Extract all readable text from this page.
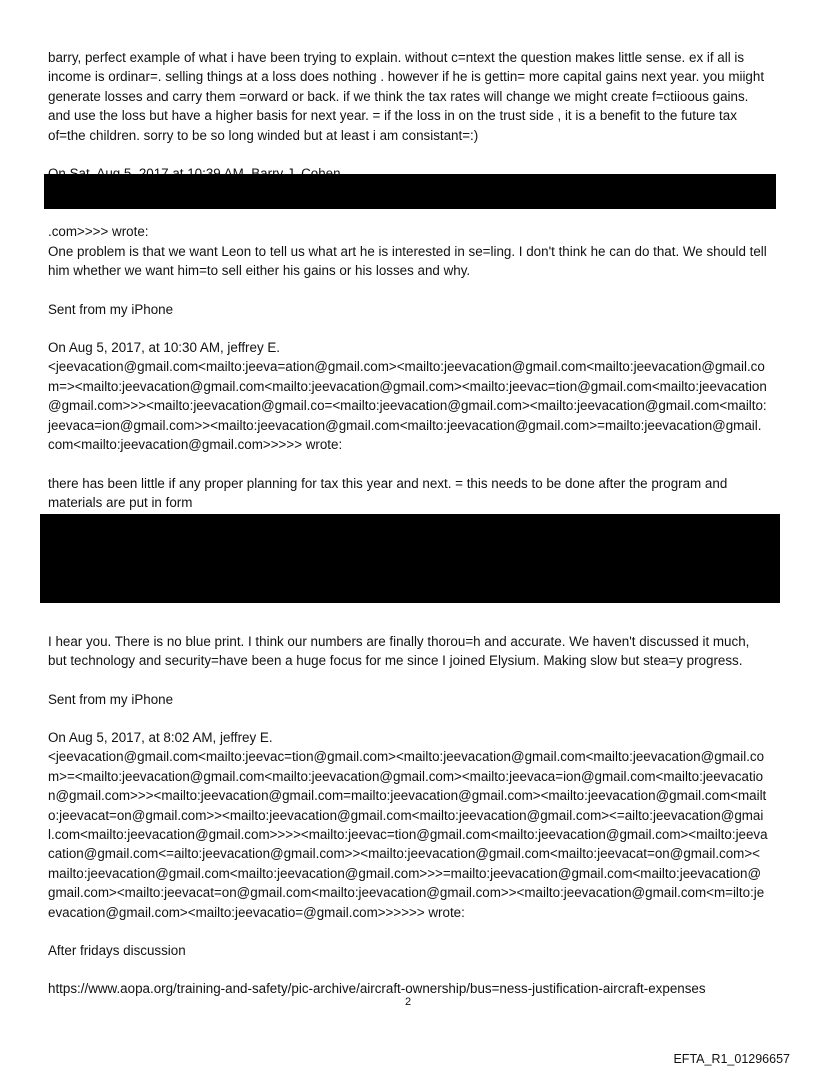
barry, perfect example of what i have been trying to explain. without c=ntext the question makes little sense. ex if all is income is ordinar=. selling things at a loss does nothing . however if he is gettin= more capital gains next year. you miight generate losses and carry them =orward or back. if we think the tax rates will change we might create f=ctiioous gains. and use the loss but have a higher basis for next year. = if the loss in on the trust side , it is a benefit to the future tax of=the children. sorry to be so long winded but at least i am consistant=:)

.com>>>> wrote:

One problem is that we want Leon to tell us what art he is interested in se=ling. I don't think he can do that. We should tell him whether we want him=to sell either his gains or his losses and why.

Sent from my iPhone

On Aug 5, 2017, at 10:30 AM, jeffrey E.

<jeevacation@gmail.com<mailto:jeeva=ation@gmail.com><mailto:jeevacation@gmail.com<mailto:jeevacation@gmail.com=><mailto:jeevacation@gmail.com<mailto:jeevacation@gmail.com><mailto:jeevac=tion@gmail.com<mailto:jeevacation@gmail.com>>><mailto:jeevacation@gmail.co=<mailto:jeevacation@gmail.com><mailto:jeevacation@gmail.com<mailto:jeevaca=ion@gmail.com>><mailto:jeevacation@gmail.com<mailto:jeevacation@gmail.com>=mailto:jeevacation@gmail.com<mailto:jeevacation@gmail.com>>>>> wrote:

there has been little if any proper planning for tax this year and next. = this needs to be done after the program and materials are put in form

I hear you. There is no blue print. I think our numbers are finally thorou=h and accurate. We haven't discussed it much, but technology and security=have been a huge focus for me since I joined Elysium. Making slow but stea=y progress.

Sent from my iPhone

On Aug 5, 2017, at 8:02 AM, jeffrey E.

<jeevacation@gmail.com<mailto:jeevac=tion@gmail.com><mailto:jeevacation@gmail.com<mailto:jeevacation@gmail.com>=<mailto:jeevacation@gmail.com<mailto:jeevacation@gmail.com><mailto:jeevaca=ion@gmail.com<mailto:jeevacation@gmail.com>>><mailto:jeevacation@gmail.com=mailto:jeevacation@gmail.com><mailto:jeevacation@gmail.com<mailto:jeevacat=on@gmail.com>><mailto:jeevacation@gmail.com<mailto:jeevacation@gmail.com><=ailto:jeevacation@gmail.com<mailto:jeevacation@gmail.com>>>><mailto:jeevac=tion@gmail.com<mailto:jeevacation@gmail.com><mailto:jeevacation@gmail.com<=ailto:jeevacation@gmail.com>><mailto:jeevacation@gmail.com<mailto:jeevacat=on@gmail.com><mailto:jeevacation@gmail.com<mailto:jeevacation@gmail.com>>>=mailto:jeevacation@gmail.com<mailto:jeevacation@gmail.com><mailto:jeevacat=on@gmail.com<mailto:jeevacation@gmail.com>><mailto:jeevacation@gmail.com<m=ilto:jeevacation@gmail.com><mailto:jeevacatio=@gmail.com>>>>>> wrote:

After fridays discussion

https://www.aopa.org/training-and-safety/pic-archive/aircraft-ownership/bus=ness-justification-aircraft-expenses

2
EFTA_R1_01296657
